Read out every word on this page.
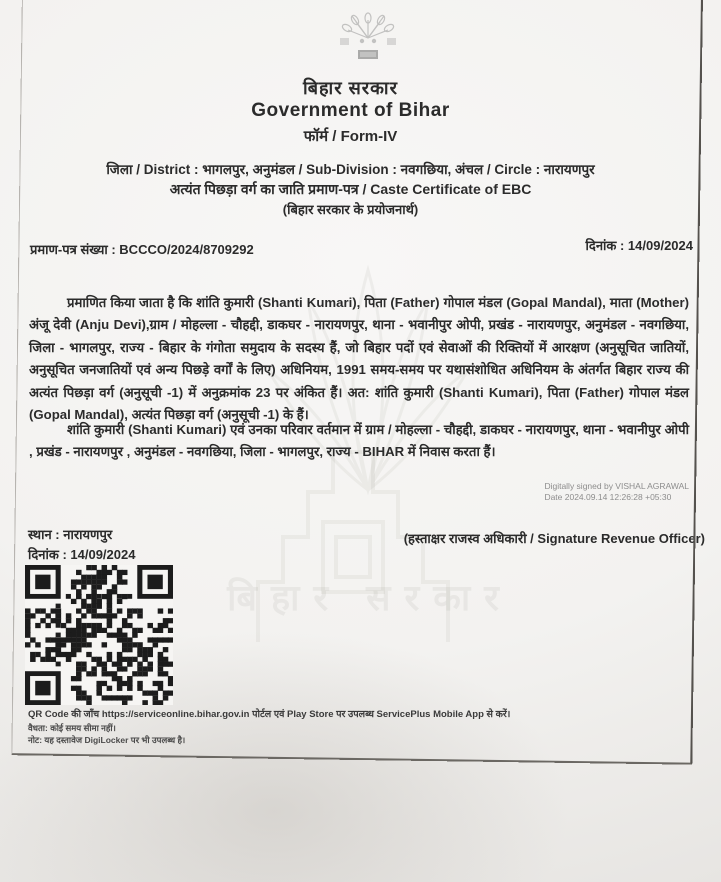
बिहार सरकार
बिहार सरकार
Government of Bihar
फॉर्म / Form-IV
जिला / District : भागलपुर, अनुमंडल / Sub-Division : नवगछिया, अंचल / Circle : नारायणपुर
अत्यंत पिछड़ा वर्ग का जाति प्रमाण-पत्र / Caste Certificate of EBC
(बिहार सरकार के प्रयोजनार्थ)
प्रमाण-पत्र संख्या : BCCCO/2024/8709292	दिनांक : 14/09/2024
प्रमाणित किया जाता है कि शांति कुमारी (Shanti Kumari), पिता (Father) गोपाल मंडल (Gopal Mandal), माता (Mother) अंजू देवी (Anju Devi),ग्राम / मोहल्ला - चौहद्दी, डाकघर - नारायणपुर, थाना - भवानीपुर ओपी, प्रखंड - नारायणपुर, अनुमंडल - नवगछिया, जिला - भागलपुर, राज्य - बिहार के गंगोता समुदाय के सदस्य हैं, जो बिहार पदों एवं सेवाओं की रिक्तियों में आरक्षण (अनुसूचित जातियों, अनुसूचित जनजातियों एवं अन्य पिछड़े वर्गों के लिए) अधिनियम, 1991 समय-समय पर यथासंशोधित अधिनियम के अंतर्गत बिहार राज्य की अत्यंत पिछड़ा वर्ग (अनुसूची -1) में अनुक्रमांक 23 पर अंकित हैं। अत: शांति कुमारी (Shanti Kumari), पिता (Father) गोपाल मंडल (Gopal Mandal), अत्यंत पिछड़ा वर्ग (अनुसूची -1) के हैं।
शांति कुमारी (Shanti Kumari) एवं उनका परिवार वर्तमान में ग्राम / मोहल्ला - चौहद्दी, डाकघर - नारायणपुर, थाना - भवानीपुर ओपी , प्रखंड - नारायणपुर , अनुमंडल - नवगछिया, जिला - भागलपुर, राज्य - BIHAR में निवास करता हैं।
Digitally signed by VISHAL AGRAWAL
Date 2024.09.14 12:26:28 +05:30
(हस्ताक्षर राजस्व अधिकारी / Signature Revenue Officer)
स्थान : नारायणपुर
दिनांक : 14/09/2024
QR Code की जाँच https://serviceonline.bihar.gov.in पोर्टल एवं Play Store पर उपलब्ध ServicePlus Mobile App से करें।
वैधता: कोई समय सीमा नहीं।
नोट: यह दस्तावेज DigiLocker पर भी उपलब्ध है।
